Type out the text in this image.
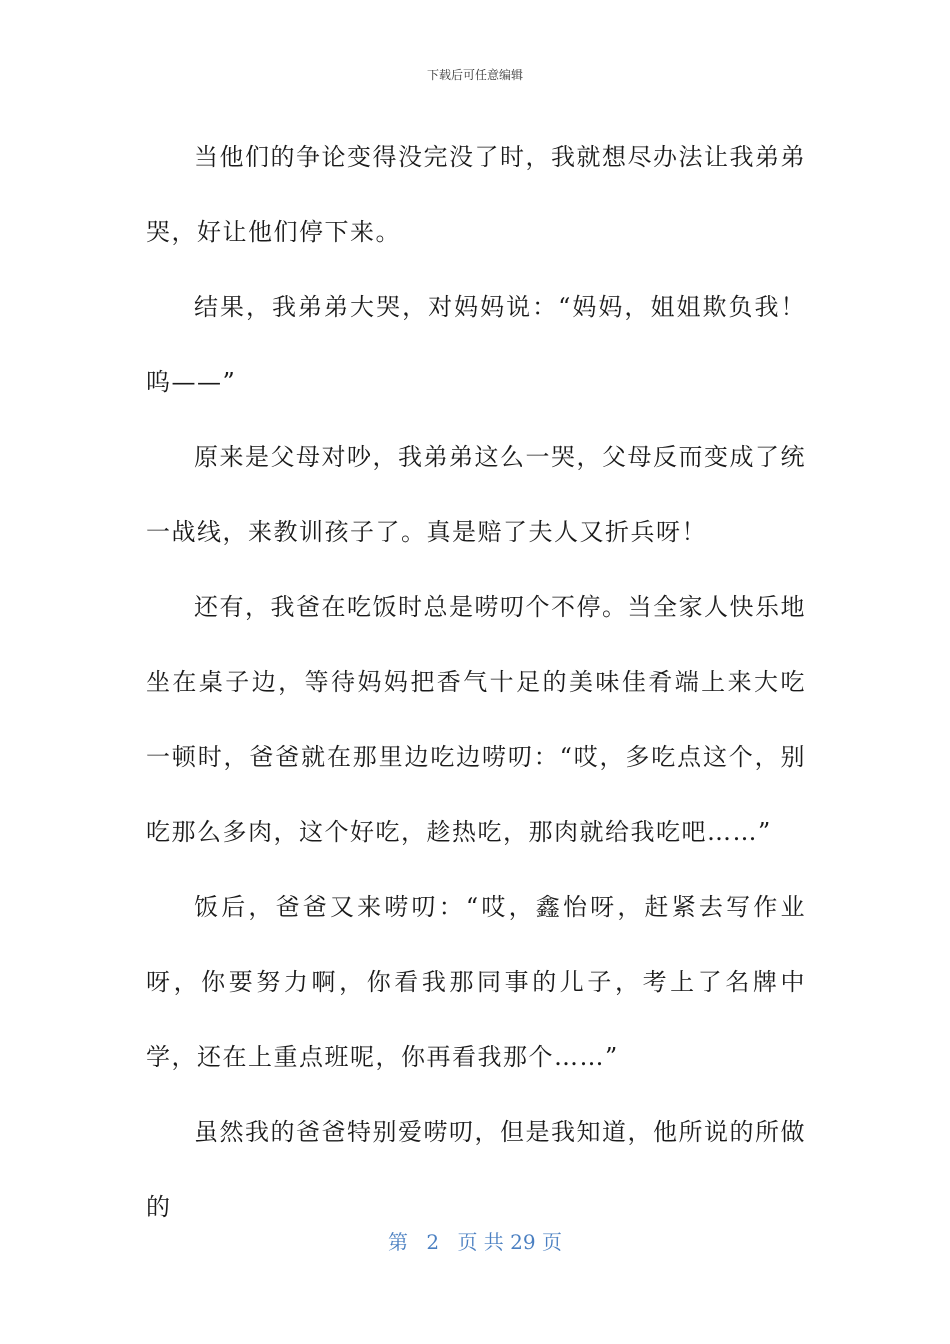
下载后可任意编辑

当他们的争论变得没完没了时，我就想尽办法让我弟弟哭，好让他们停下来。

结果，我弟弟大哭，对妈妈说：“妈妈，姐姐欺负我！呜——”

原来是父母对吵，我弟弟这么一哭，父母反而变成了统一战线，来教训孩子了。真是赔了夫人又折兵呀！

还有，我爸在吃饭时总是唠叨个不停。当全家人快乐地坐在桌子边，等待妈妈把香气十足的美味佳肴端上来大吃一顿时，爸爸就在那里边吃边唠叨：“哎，多吃点这个，别吃那么多肉，这个好吃，趁热吃，那肉就给我吃吧……”

饭后，爸爸又来唠叨：“哎，鑫怡呀，赶紧去写作业呀，你要努力啊，你看我那同事的儿子，考上了名牌中学，还在上重点班呢，你再看我那个……”

虽然我的爸爸特别爱唠叨，但是我知道，他所说的所做的

第 2 页 共 29 页
